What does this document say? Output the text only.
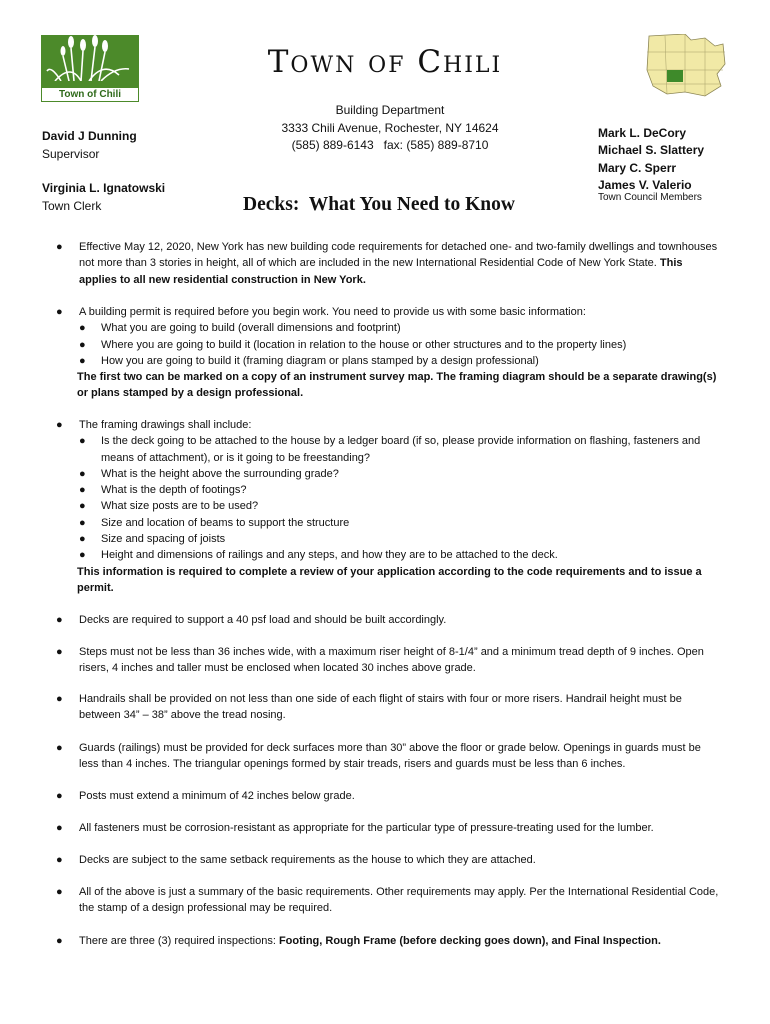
Town of Chili
Town of Chili
Building Department
3333 Chili Avenue, Rochester, NY 14624
(585) 889-6143   fax: (585) 889-8710
David J Dunning
Supervisor
Virginia L. Ignatowski
Town Clerk
Mark L. DeCory
Michael S. Slattery
Mary C. Sperr
James V. Valerio
Town Council Members
Decks:  What You Need to Know
● Effective May 12, 2020, New York has new building code requirements for detached one- and two-family dwellings and townhouses not more than 3 stories in height, all of which are included in the new International Residential Code of New York State. This applies to all new residential construction in New York.
● A building permit is required before you begin work. You need to provide us with some basic information:
● What you are going to build (overall dimensions and footprint)
● Where you are going to build it (location in relation to the house or other structures and to the property lines)
● How you are going to build it (framing diagram or plans stamped by a design professional)
The first two can be marked on a copy of an instrument survey map. The framing diagram should be a separate drawing(s) or plans stamped by a design professional.
● The framing drawings shall include:
● Is the deck going to be attached to the house by a ledger board (if so, please provide information on flashing, fasteners and means of attachment), or is it going to be freestanding?
● What is the height above the surrounding grade?
● What is the depth of footings?
● What size posts are to be used?
● Size and location of beams to support the structure
● Size and spacing of joists
● Height and dimensions of railings and any steps, and how they are to be attached to the deck.
This information is required to complete a review of your application according to the code requirements and to issue a permit.
● Decks are required to support a 40 psf load and should be built accordingly.
● Steps must not be less than 36 inches wide, with a maximum riser height of 8-1/4” and a minimum tread depth of 9 inches. Open risers, 4 inches and taller must be enclosed when located 30 inches above grade.
● Handrails shall be provided on not less than one side of each flight of stairs with four or more risers. Handrail height must be between 34” – 38” above the tread nosing.
● Guards (railings) must be provided for deck surfaces more than 30” above the floor or grade below. Openings in guards must be less than 4 inches. The triangular openings formed by stair treads, risers and guards must be less than 6 inches.
● Posts must extend a minimum of 42 inches below grade.
● All fasteners must be corrosion-resistant as appropriate for the particular type of pressure-treating used for the lumber.
● Decks are subject to the same setback requirements as the house to which they are attached.
● All of the above is just a summary of the basic requirements. Other requirements may apply. Per the International Residential Code, the stamp of a design professional may be required.
● There are three (3) required inspections: Footing, Rough Frame (before decking goes down), and Final Inspection.
